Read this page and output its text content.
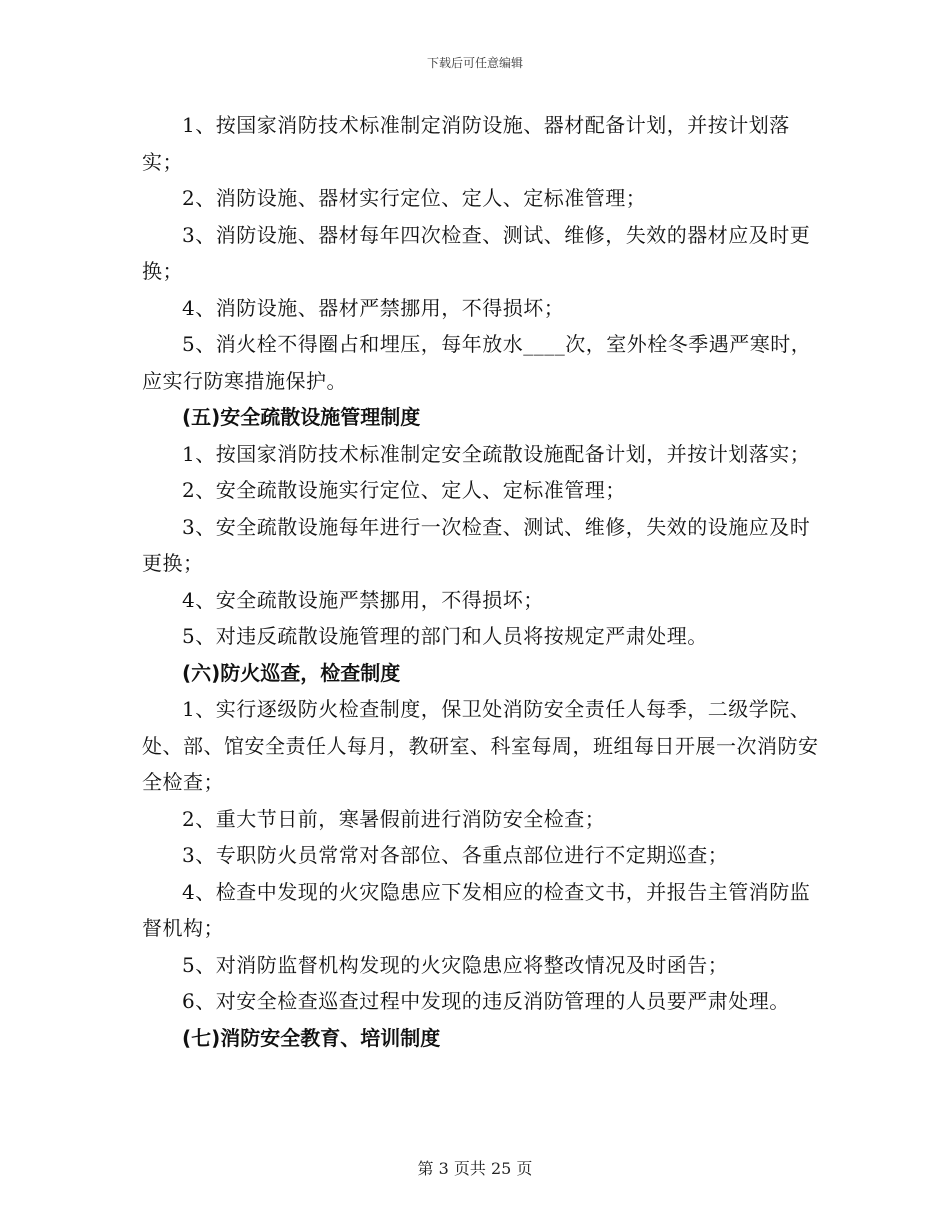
下载后可任意编辑

1、按国家消防技术标准制定消防设施、器材配备计划，并按计划落实；

2、消防设施、器材实行定位、定人、定标准管理；

3、消防设施、器材每年四次检查、测试、维修，失效的器材应及时更换；

4、消防设施、器材严禁挪用，不得损坏；

5、消火栓不得圈占和埋压，每年放水____次，室外栓冬季遇严寒时，应实行防寒措施保护。

(五)安全疏散设施管理制度

1、按国家消防技术标准制定安全疏散设施配备计划，并按计划落实；

2、安全疏散设施实行定位、定人、定标准管理；

3、安全疏散设施每年进行一次检查、测试、维修，失效的设施应及时更换；

4、安全疏散设施严禁挪用，不得损坏；

5、对违反疏散设施管理的部门和人员将按规定严肃处理。

(六)防火巡查，检查制度

1、实行逐级防火检查制度，保卫处消防安全责任人每季，二级学院、处、部、馆安全责任人每月，教研室、科室每周，班组每日开展一次消防安全检查；

2、重大节日前，寒暑假前进行消防安全检查；

3、专职防火员常常对各部位、各重点部位进行不定期巡查；

4、检查中发现的火灾隐患应下发相应的检查文书，并报告主管消防监督机构；

5、对消防监督机构发现的火灾隐患应将整改情况及时函告；

6、对安全检查巡查过程中发现的违反消防管理的人员要严肃处理。

(七)消防安全教育、培训制度

第 3 页共 25 页
